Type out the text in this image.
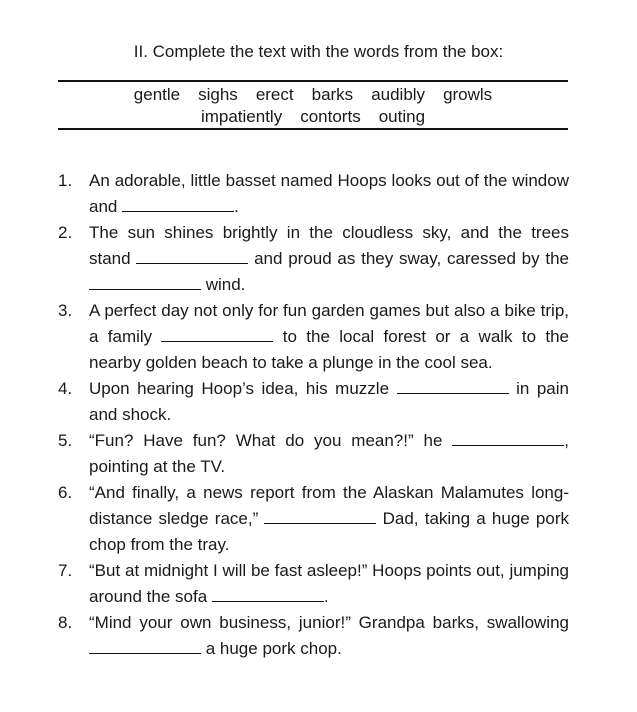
II. Complete the text with the words from the box:
gentle sighs erect barks audibly growls
impatiently contorts outing
1. An adorable, little basset named Hoops looks out of the window and	.
2. The sun shines brightly in the cloudless sky, and the trees stand	and proud as they sway, caressed by the  wind.
3. A perfect day not only for fun garden games but also a bike trip, a family	to the local forest or a walk to the nearby golden beach to take a plunge in the cool sea.
4. Upon hearing Hoop’s idea, his muzzle	in pain and shock.
5. “Fun? Have fun? What do you mean?!” he	, pointing at the TV.
6. “And finally, a news report from the Alaskan Malamutes long-distance sledge race,”	Dad, taking a huge pork chop from the tray.
7. “But at midnight I will be fast asleep!” Hoops points out, jumping around the sofa	.
8. “Mind your own business, junior!” Grandpa barks, swallowing  a huge pork chop.
